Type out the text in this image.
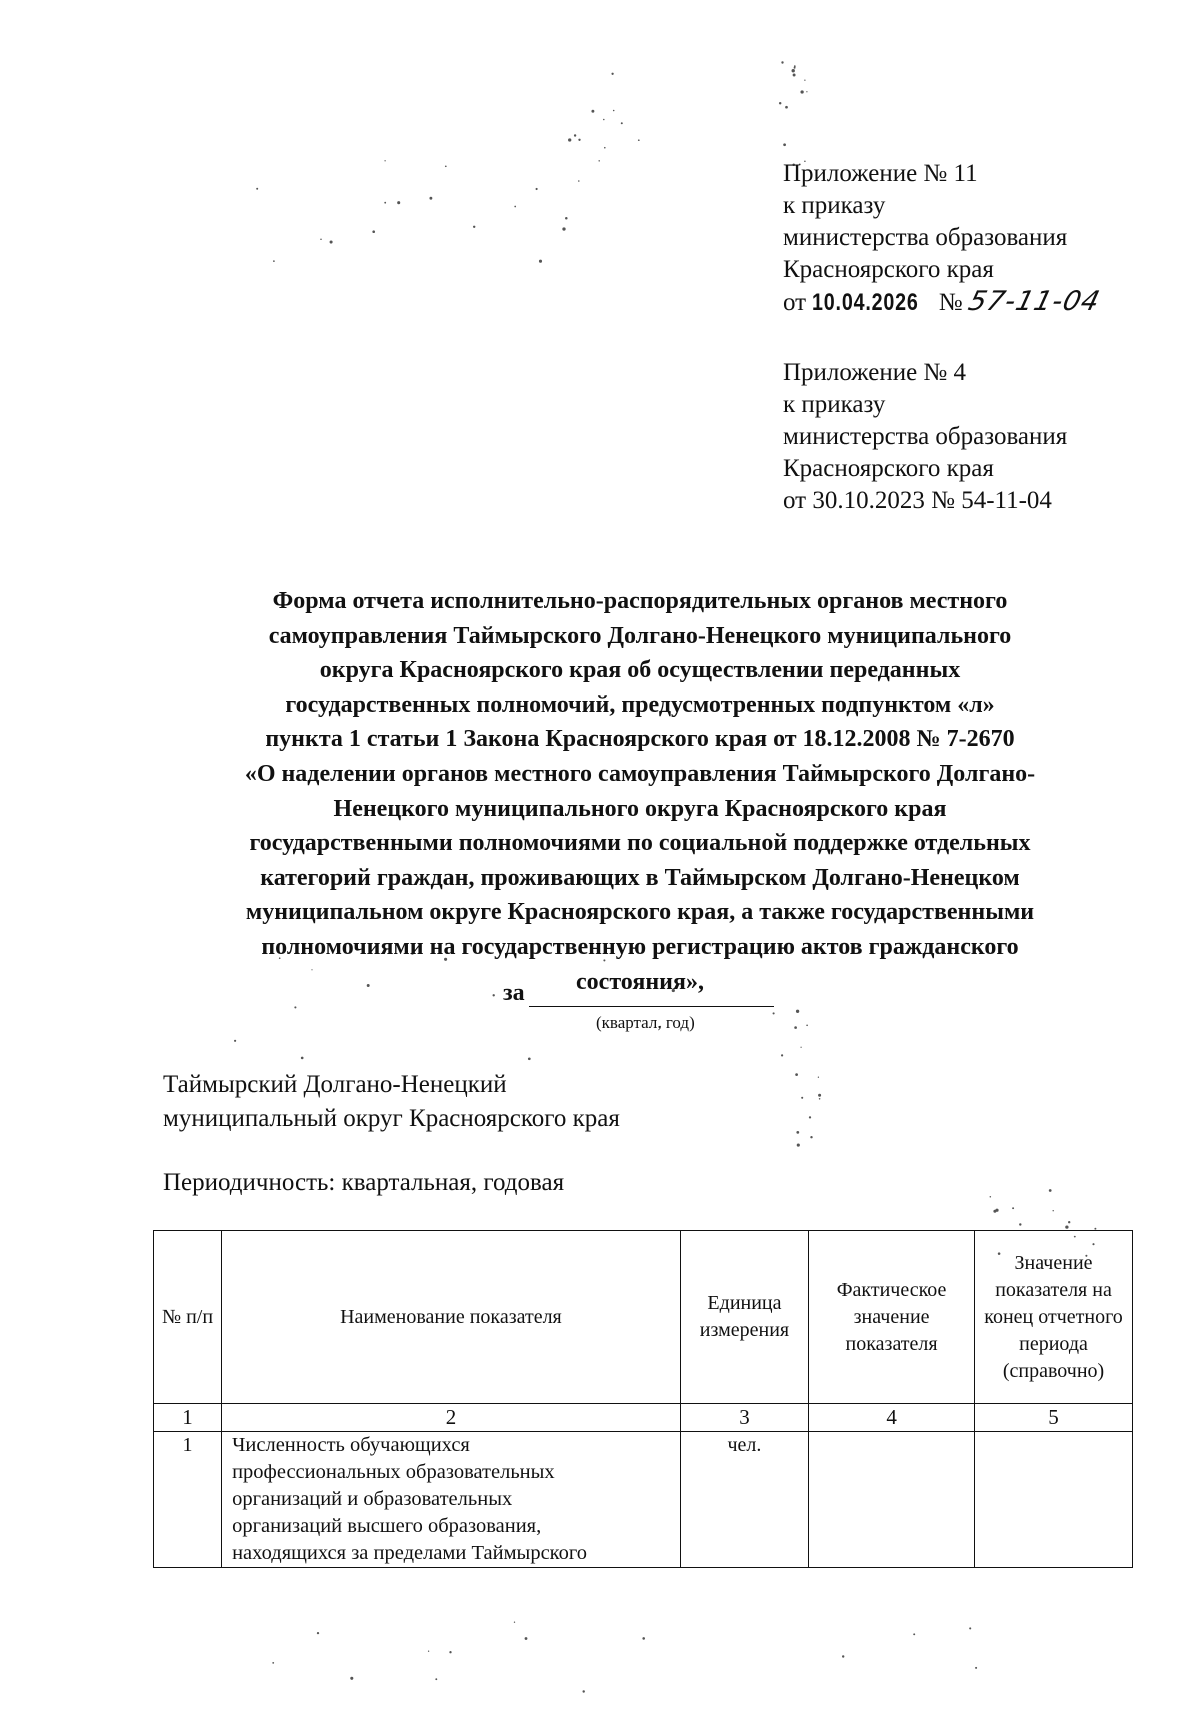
Приложение № 11
к приказу
министерства образования
Красноярского края
от 10.04.2026 № 57-11-04
Приложение № 4
к приказу
министерства образования
Красноярского края
от 30.10.2023 № 54-11-04
Форма отчета исполнительно-распорядительных органов местного
самоуправления Таймырского Долгано-Ненецкого муниципального
округа Красноярского края об осуществлении переданных
государственных полномочий, предусмотренных подпунктом «л»
пункта 1 статьи 1 Закона Красноярского края от 18.12.2008 № 7-2670
«О наделении органов местного самоуправления Таймырского Долгано-
Ненецкого муниципального округа Красноярского края
государственными полномочиями по социальной поддержке отдельных
категорий граждан, проживающих в Таймырском Долгано-Ненецком
муниципальном округе Красноярского края, а также государственными
полномочиями на государственную регистрацию актов гражданского
состояния»,
за
(квартал, год)
Таймырский Долгано-Ненецкий
муниципальный округ Красноярского края
Периодичность: квартальная, годовая
№ п/п	Наименование показателя	Единица измерения	Фактическое значение показателя	Значение показателя на конец отчетного периода (справочно)
1	2	3	4	5
1	Численность обучающихся
профессиональных образовательных
организаций и образовательных
организаций высшего образования,
находящихся за пределами Таймырского	чел.		
